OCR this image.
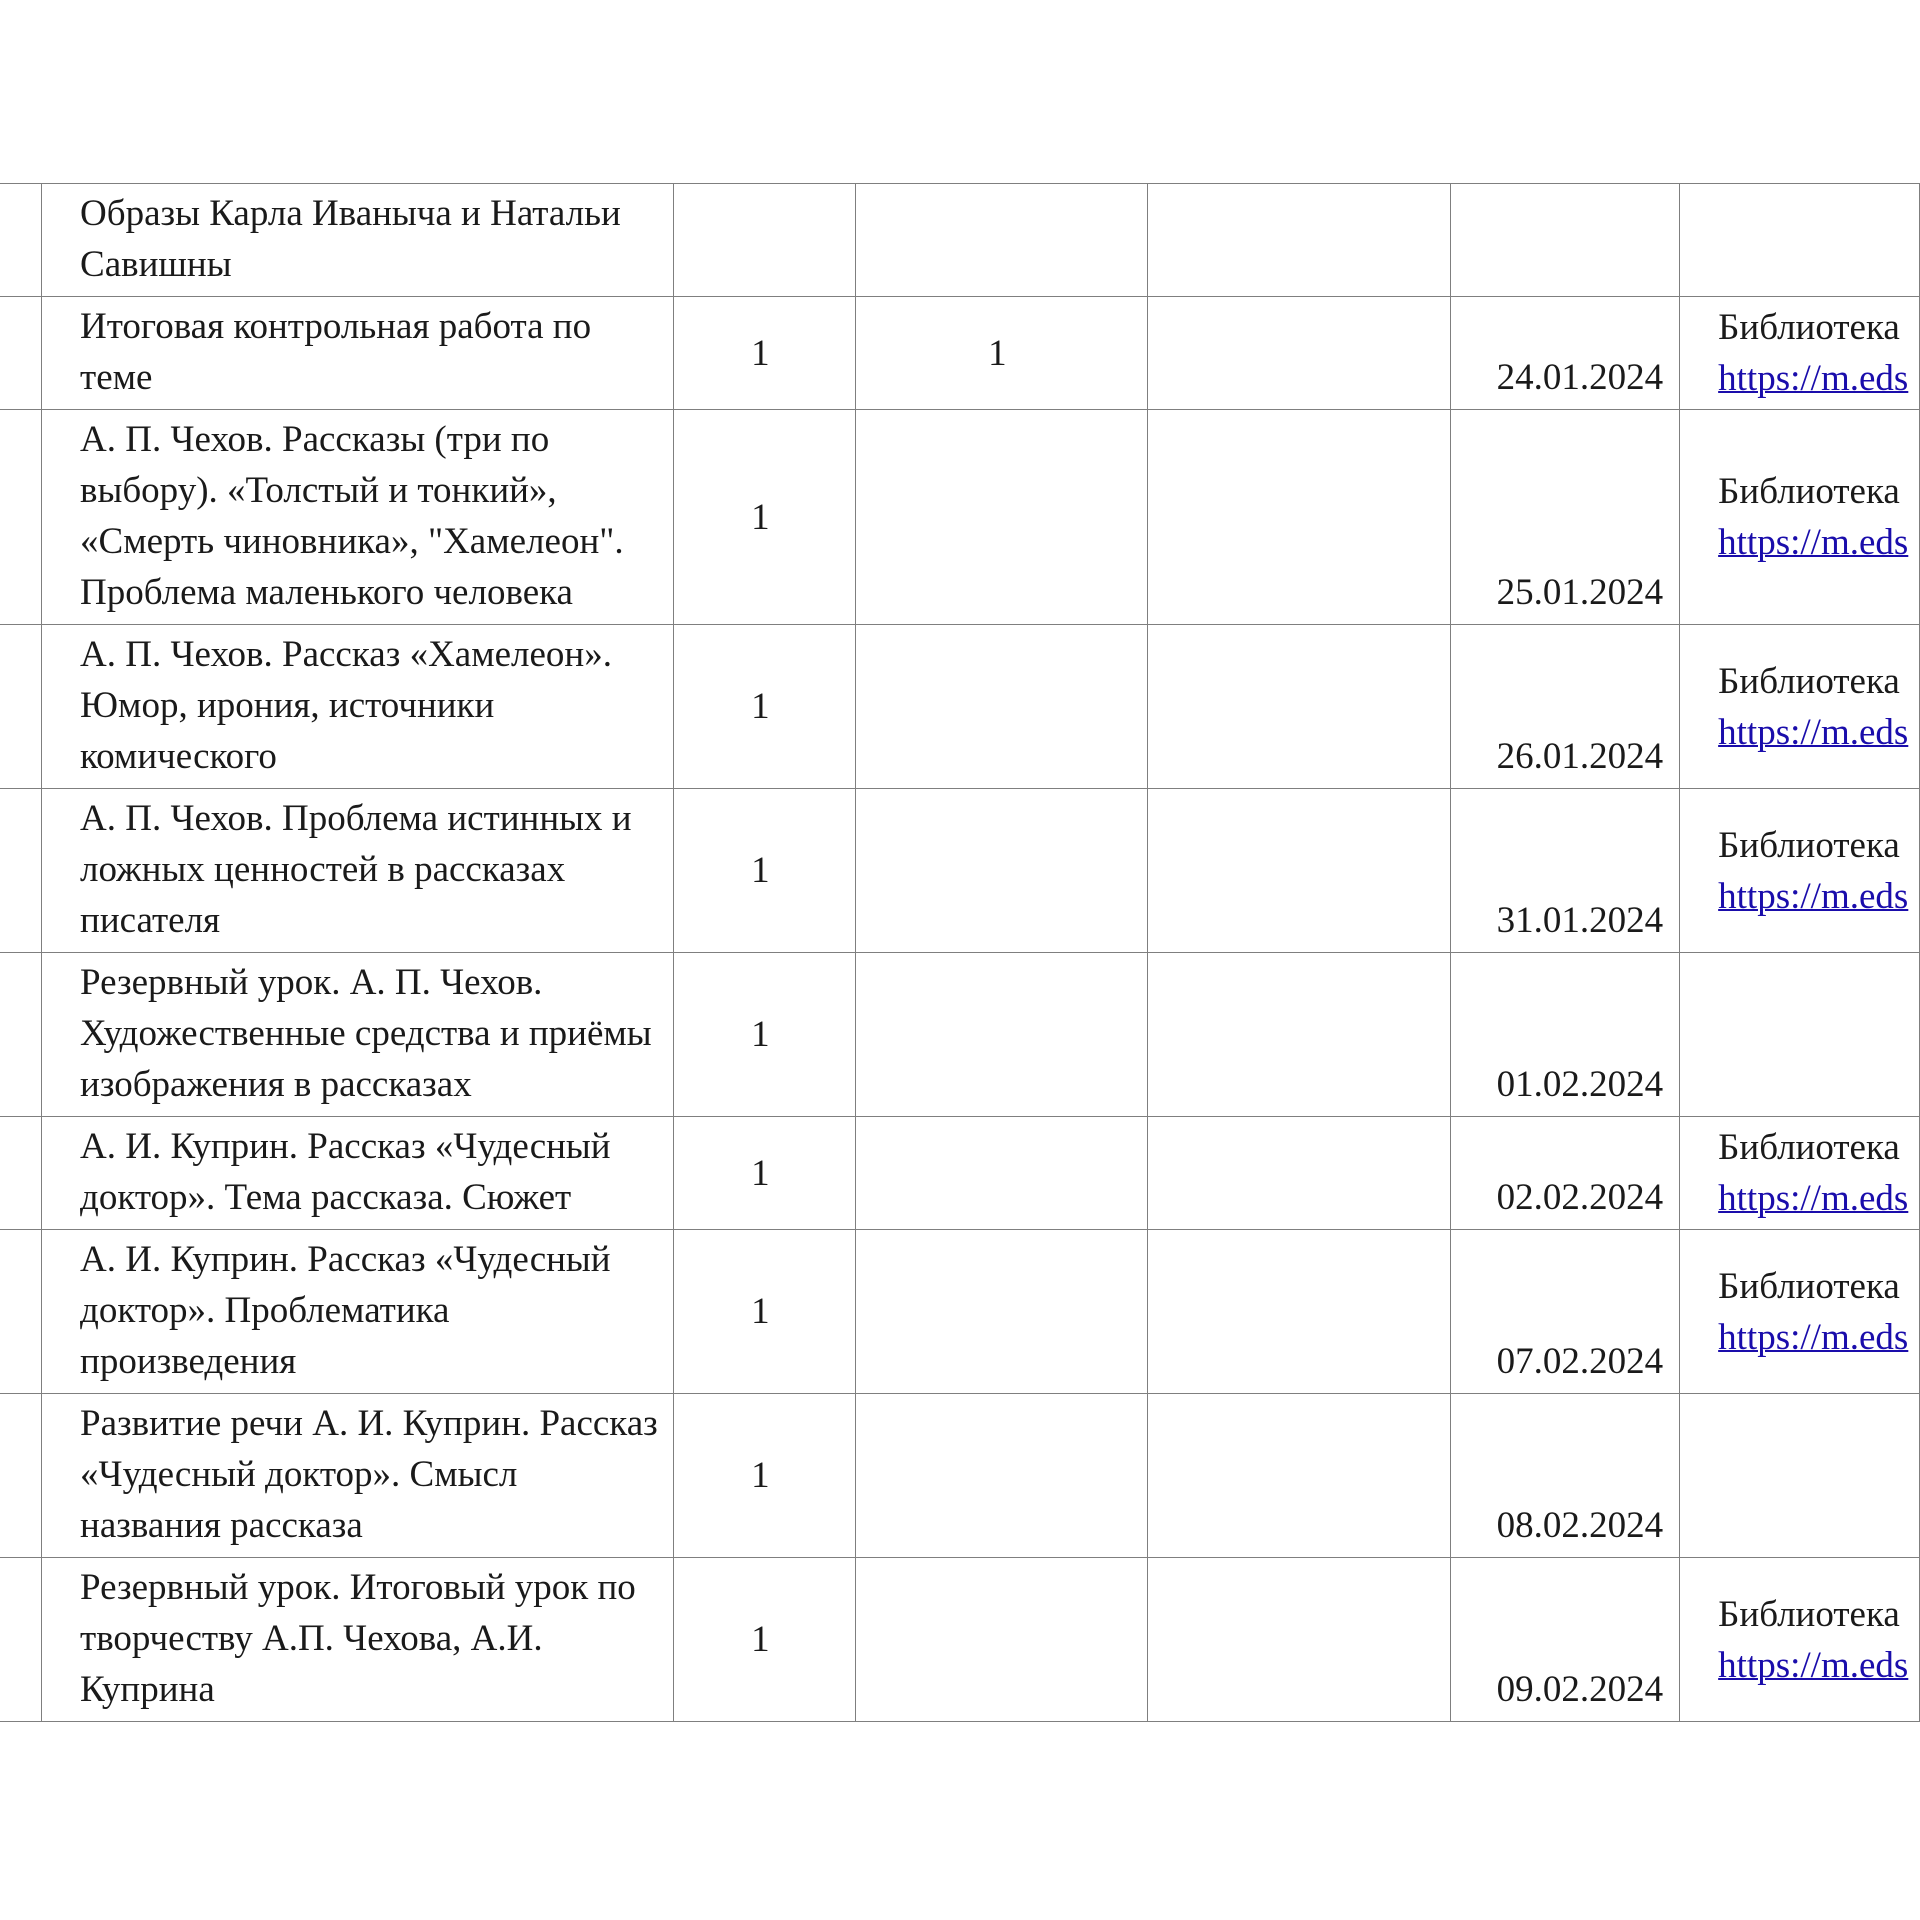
	Образы Карла Иваныча и Натальи Савишны					

	Итоговая контрольная работа по теме	1	1		24.01.2024	Библиотека
https://m.eds

	А. П. Чехов. Рассказы (три по выбору). «Толстый и тонкий», «Смерть чиновника», "Хамелеон". Проблема маленького человека	1			25.01.2024	Библиотека
https://m.eds

	А. П. Чехов. Рассказ «Хамелеон». Юмор, ирония, источники комического	1			26.01.2024	Библиотека
https://m.eds

	А. П. Чехов. Проблема истинных и ложных ценностей в рассказах писателя	1			31.01.2024	Библиотека
https://m.eds

	Резервный урок. А. П. Чехов. Художественные средства и приёмы изображения в рассказах	1			01.02.2024	

	А. И. Куприн. Рассказ «Чудесный доктор». Тема рассказа. Сюжет	1			02.02.2024	Библиотека
https://m.eds

	А. И. Куприн. Рассказ «Чудесный доктор». Проблематика произведения	1			07.02.2024	Библиотека
https://m.eds

	Развитие речи А. И. Куприн. Рассказ «Чудесный доктор». Смысл названия рассказа	1			08.02.2024	

	Резервный урок. Итоговый урок по творчеству А.П. Чехова, А.И. Куприна	1			09.02.2024	Библиотека
https://m.eds
